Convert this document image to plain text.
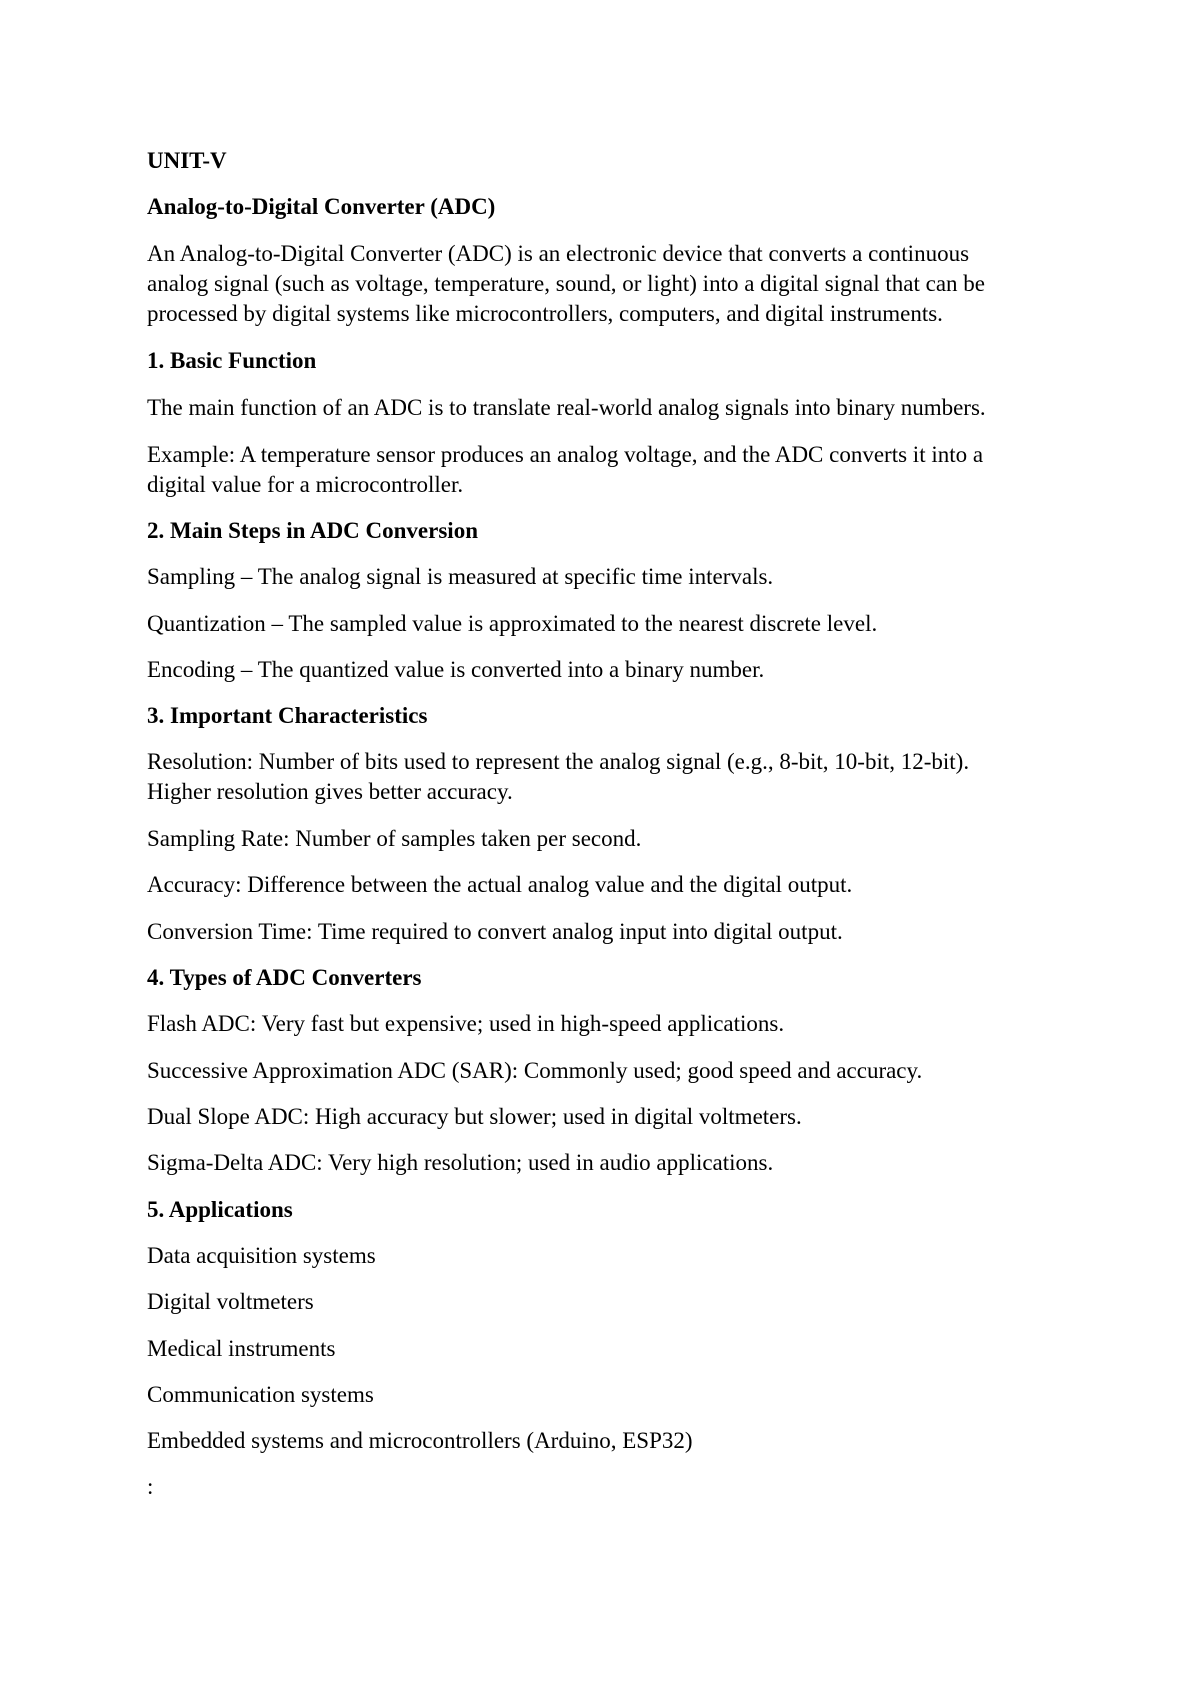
UNIT-V

Analog-to-Digital Converter (ADC)

An Analog-to-Digital Converter (ADC) is an electronic device that converts a continuous
analog signal (such as voltage, temperature, sound, or light) into a digital signal that can be
processed by digital systems like microcontrollers, computers, and digital instruments.

1. Basic Function

The main function of an ADC is to translate real-world analog signals into binary numbers.

Example: A temperature sensor produces an analog voltage, and the ADC converts it into a
digital value for a microcontroller.

2. Main Steps in ADC Conversion

Sampling – The analog signal is measured at specific time intervals.

Quantization – The sampled value is approximated to the nearest discrete level.

Encoding – The quantized value is converted into a binary number.

3. Important Characteristics

Resolution: Number of bits used to represent the analog signal (e.g., 8-bit, 10-bit, 12-bit).
Higher resolution gives better accuracy.

Sampling Rate: Number of samples taken per second.

Accuracy: Difference between the actual analog value and the digital output.

Conversion Time: Time required to convert analog input into digital output.

4. Types of ADC Converters

Flash ADC: Very fast but expensive; used in high-speed applications.

Successive Approximation ADC (SAR): Commonly used; good speed and accuracy.

Dual Slope ADC: High accuracy but slower; used in digital voltmeters.

Sigma-Delta ADC: Very high resolution; used in audio applications.

5. Applications

Data acquisition systems

Digital voltmeters

Medical instruments

Communication systems

Embedded systems and microcontrollers (Arduino, ESP32)

:
